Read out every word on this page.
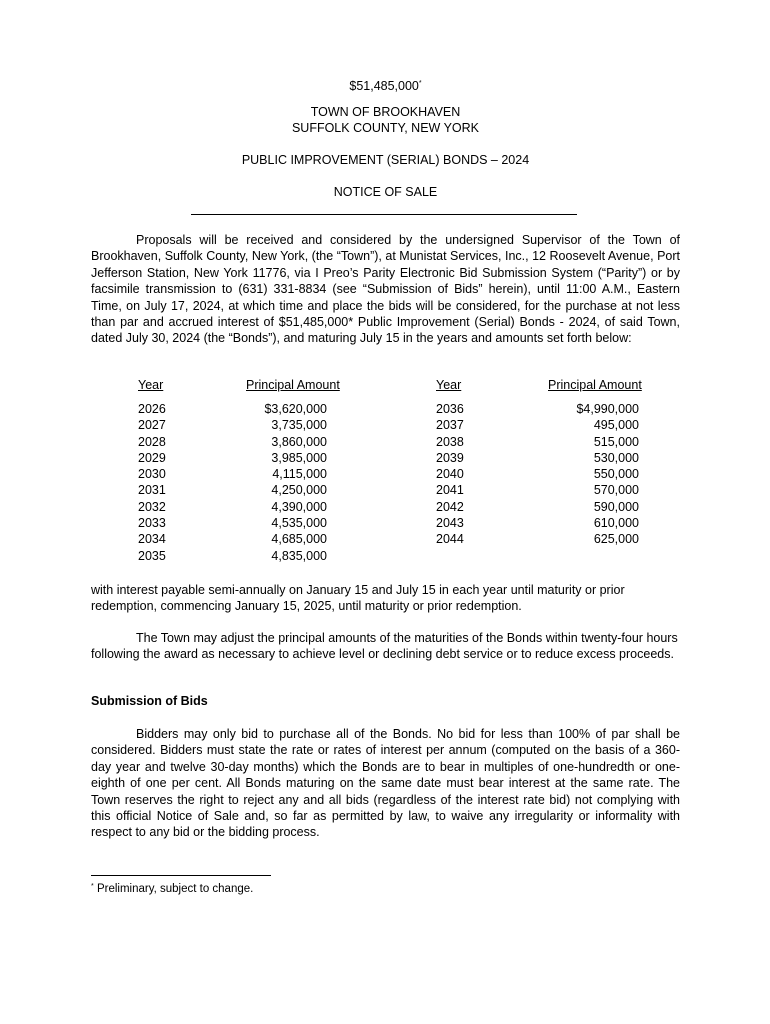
$51,485,000*
TOWN OF BROOKHAVEN
SUFFOLK COUNTY, NEW YORK
PUBLIC IMPROVEMENT (SERIAL) BONDS – 2024
NOTICE OF SALE

Proposals will be received and considered by the undersigned Supervisor of the Town of Brookhaven, Suffolk County, New York, (the “Town”), at Munistat Services, Inc., 12 Roosevelt Avenue, Port Jefferson Station, New York 11776, via I Preo’s Parity Electronic Bid Submission System (“Parity”) or by facsimile transmission to (631) 331-8834 (see “Submission of Bids” herein), until 11:00 A.M., Eastern Time, on July 17, 2024, at which time and place the bids will be considered, for the purchase at not less than par and accrued interest of $51,485,000* Public Improvement (Serial) Bonds - 2024, of said Town, dated July 30, 2024 (the “Bonds”), and maturing July 15 in the years and amounts set forth below:

Year
2026
2027
2028
2029
2030
2031
2032
2033
2034
2035
Principal Amount
$3,620,000
3,735,000
3,860,000
3,985,000
4,115,000
4,250,000
4,390,000
4,535,000
4,685,000
4,835,000
Year
2036
2037
2038
2039
2040
2041
2042
2043
2044
Principal Amount
$4,990,000
495,000
515,000
530,000
550,000
570,000
590,000
610,000
625,000

with interest payable semi-annually on January 15 and July 15 in each year until maturity or prior redemption, commencing January 15, 2025, until maturity or prior redemption.

The Town may adjust the principal amounts of the maturities of the Bonds within twenty-four hours following the award as necessary to achieve level or declining debt service or to reduce excess proceeds.

Submission of Bids

Bidders may only bid to purchase all of the Bonds. No bid for less than 100% of par shall be considered. Bidders must state the rate or rates of interest per annum (computed on the basis of a 360-day year and twelve 30-day months) which the Bonds are to bear in multiples of one-hundredth or one-eighth of one per cent. All Bonds maturing on the same date must bear interest at the same rate. The Town reserves the right to reject any and all bids (regardless of the interest rate bid) not complying with this official Notice of Sale and, so far as permitted by law, to waive any irregularity or informality with respect to any bid or the bidding process.

* Preliminary, subject to change.
